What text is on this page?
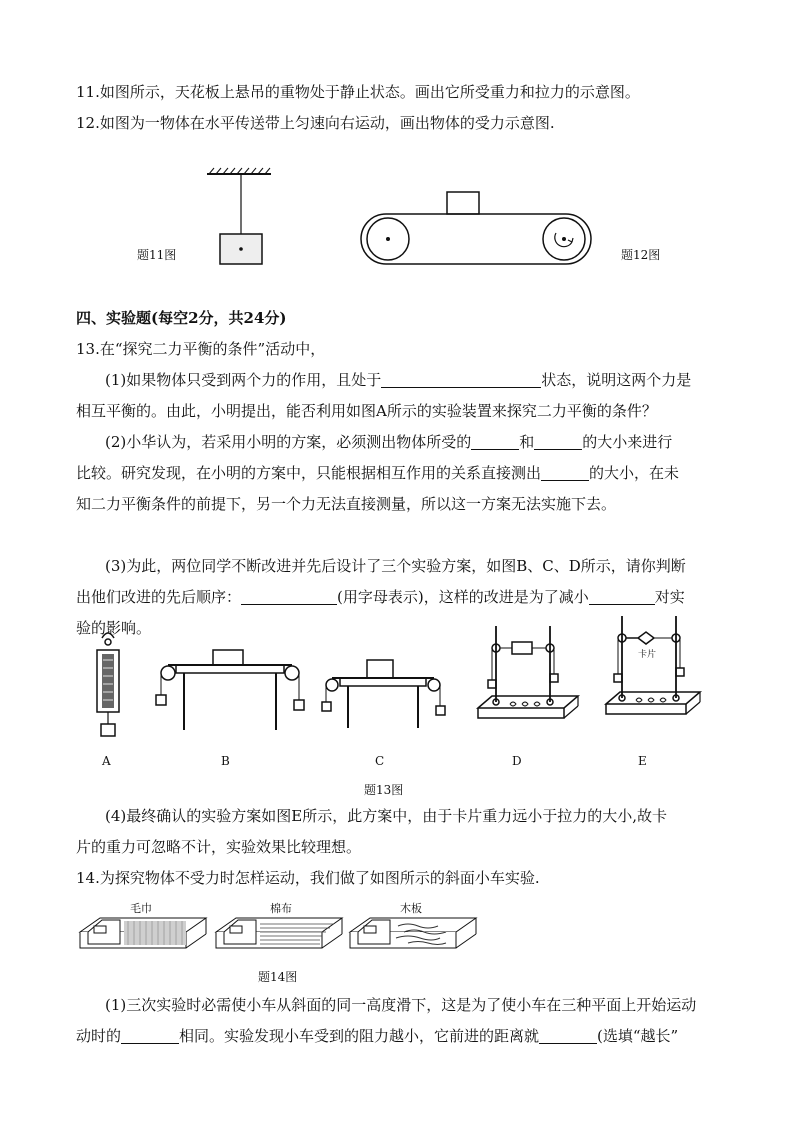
11.如图所示，天花板上悬吊的重物处于静止状态。画出它所受重力和拉力的示意图。
12.如图为一物体在水平传送带上匀速向右运动，画出物体的受力示意图.
题11图	题12图
四、实验题(每空2分，共24分)
13.在“探究二力平衡的条件”活动中，
(1)如果物体只受到两个力的作用，且处于	状态，说明这两个力是
相互平衡的。由此，小明提出，能否利用如图A所示的实验装置来探究二力平衡的条件？
(2)小华认为，若采用小明的方案，必须测出物体所受的	和	的大小来进行
比较。研究发现，在小明的方案中，只能根据相互作用的关系直接测出	的大小，在未
知二力平衡条件的前提下，另一个力无法直接测量，所以这一方案无法实施下去。
(3)为此，两位同学不断改进并先后设计了三个实验方案，如图B、C、D所示，请你判断
出他们改进的先后顺序：	(用字母表示)，这样的改进是为了减小	对实
验的影响。
卡片
A	B	C	D	E
题13图
(4)最终确认的实验方案如图E所示，此方案中，由于卡片重力远小于拉力的大小,故卡
片的重力可忽略不计，实验效果比较理想。
14.为探究物体不受力时怎样运动，我们做了如图所示的斜面小车实验.
毛巾	棉布	木板
题14图
(1)三次实验时必需使小车从斜面的同一高度滑下，这是为了使小车在三种平面上开始运动
动时的	相同。实验发现小车受到的阻力越小，它前进的距离就	(选填“越长”
